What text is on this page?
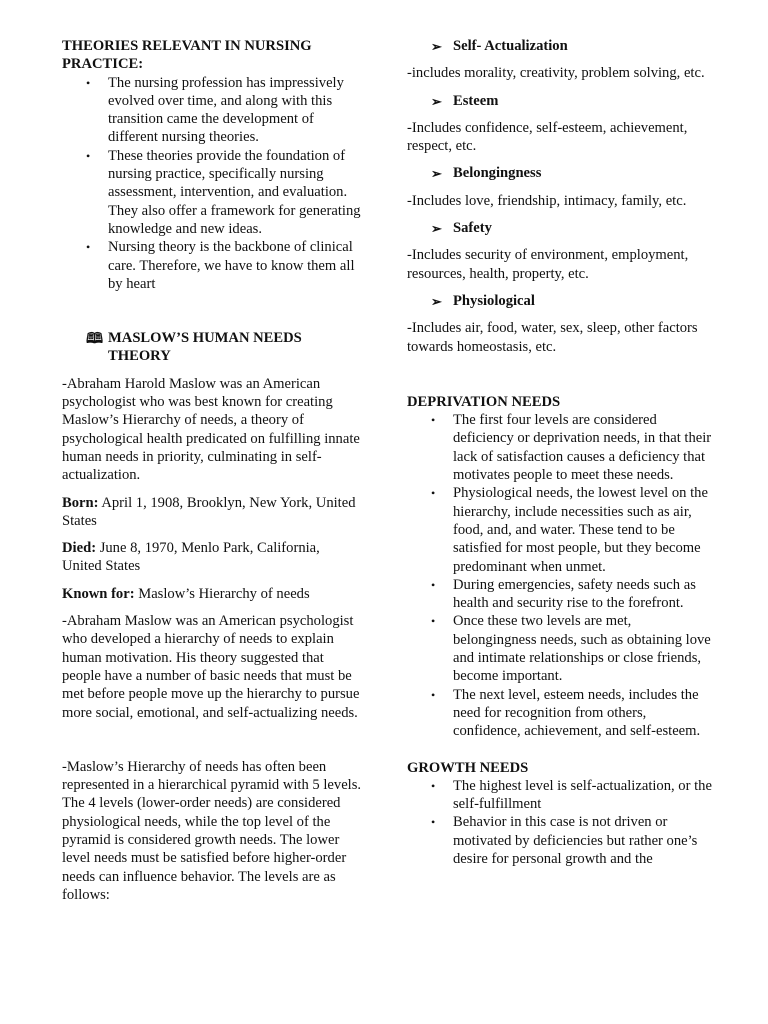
THEORIES RELEVANT IN NURSING PRACTICE:

• The nursing profession has impressively evolved over time, and along with this transition came the development of different nursing theories.
• These theories provide the foundation of nursing practice, specifically nursing assessment, intervention, and evaluation. They also offer a framework for generating knowledge and new ideas.
• Nursing theory is the backbone of clinical care. Therefore, we have to know them all by heart
🕮 MASLOW’S HUMAN NEEDS THEORY

-Abraham Harold Maslow was an American psychologist who was best known for creating Maslow’s Hierarchy of needs, a theory of psychological health predicated on fulfilling innate human needs in priority, culminating in self-actualization.

Born: April 1, 1908, Brooklyn, New York, United States

Died: June 8, 1970, Menlo Park, California, United States

Known for: Maslow’s Hierarchy of needs

-Abraham Maslow was an American psychologist who developed a hierarchy of needs to explain human motivation. His theory suggested that people have a number of basic needs that must be met before people move up the hierarchy to pursue more social, emotional, and self-actualizing needs.

-Maslow’s Hierarchy of needs has often been represented in a hierarchical pyramid with 5 levels. The 4 levels (lower-order needs) are considered physiological needs, while the top level of the pyramid is considered growth needs. The lower level needs must be satisfied before higher-order needs can influence behavior. The levels are as follows:

➢ Self- Actualization

-includes morality, creativity, problem solving, etc.

➢ Esteem

-Includes confidence, self-esteem, achievement, respect, etc.

➢ Belongingness

-Includes love, friendship, intimacy, family, etc.

➢ Safety

-Includes security of environment, employment, resources, health, property, etc.

➢ Physiological

-Includes air, food, water, sex, sleep, other factors towards homeostasis, etc.

DEPRIVATION NEEDS

• The first four levels are considered deficiency or deprivation needs, in that their lack of satisfaction causes a deficiency that motivates people to meet these needs.
• Physiological needs, the lowest level on the hierarchy, include necessities such as air, food, and, and water. These tend to be satisfied for most people, but they become predominant when unmet.
• During emergencies, safety needs such as health and security rise to the forefront.
• Once these two levels are met, belongingness needs, such as obtaining love and intimate relationships or close friends, become important.
• The next level, esteem needs, includes the need for recognition from others, confidence, achievement, and self-esteem.

GROWTH NEEDS

• The highest level is self-actualization, or the self-fulfillment
• Behavior in this case is not driven or motivated by deficiencies but rather one’s desire for personal growth and the
